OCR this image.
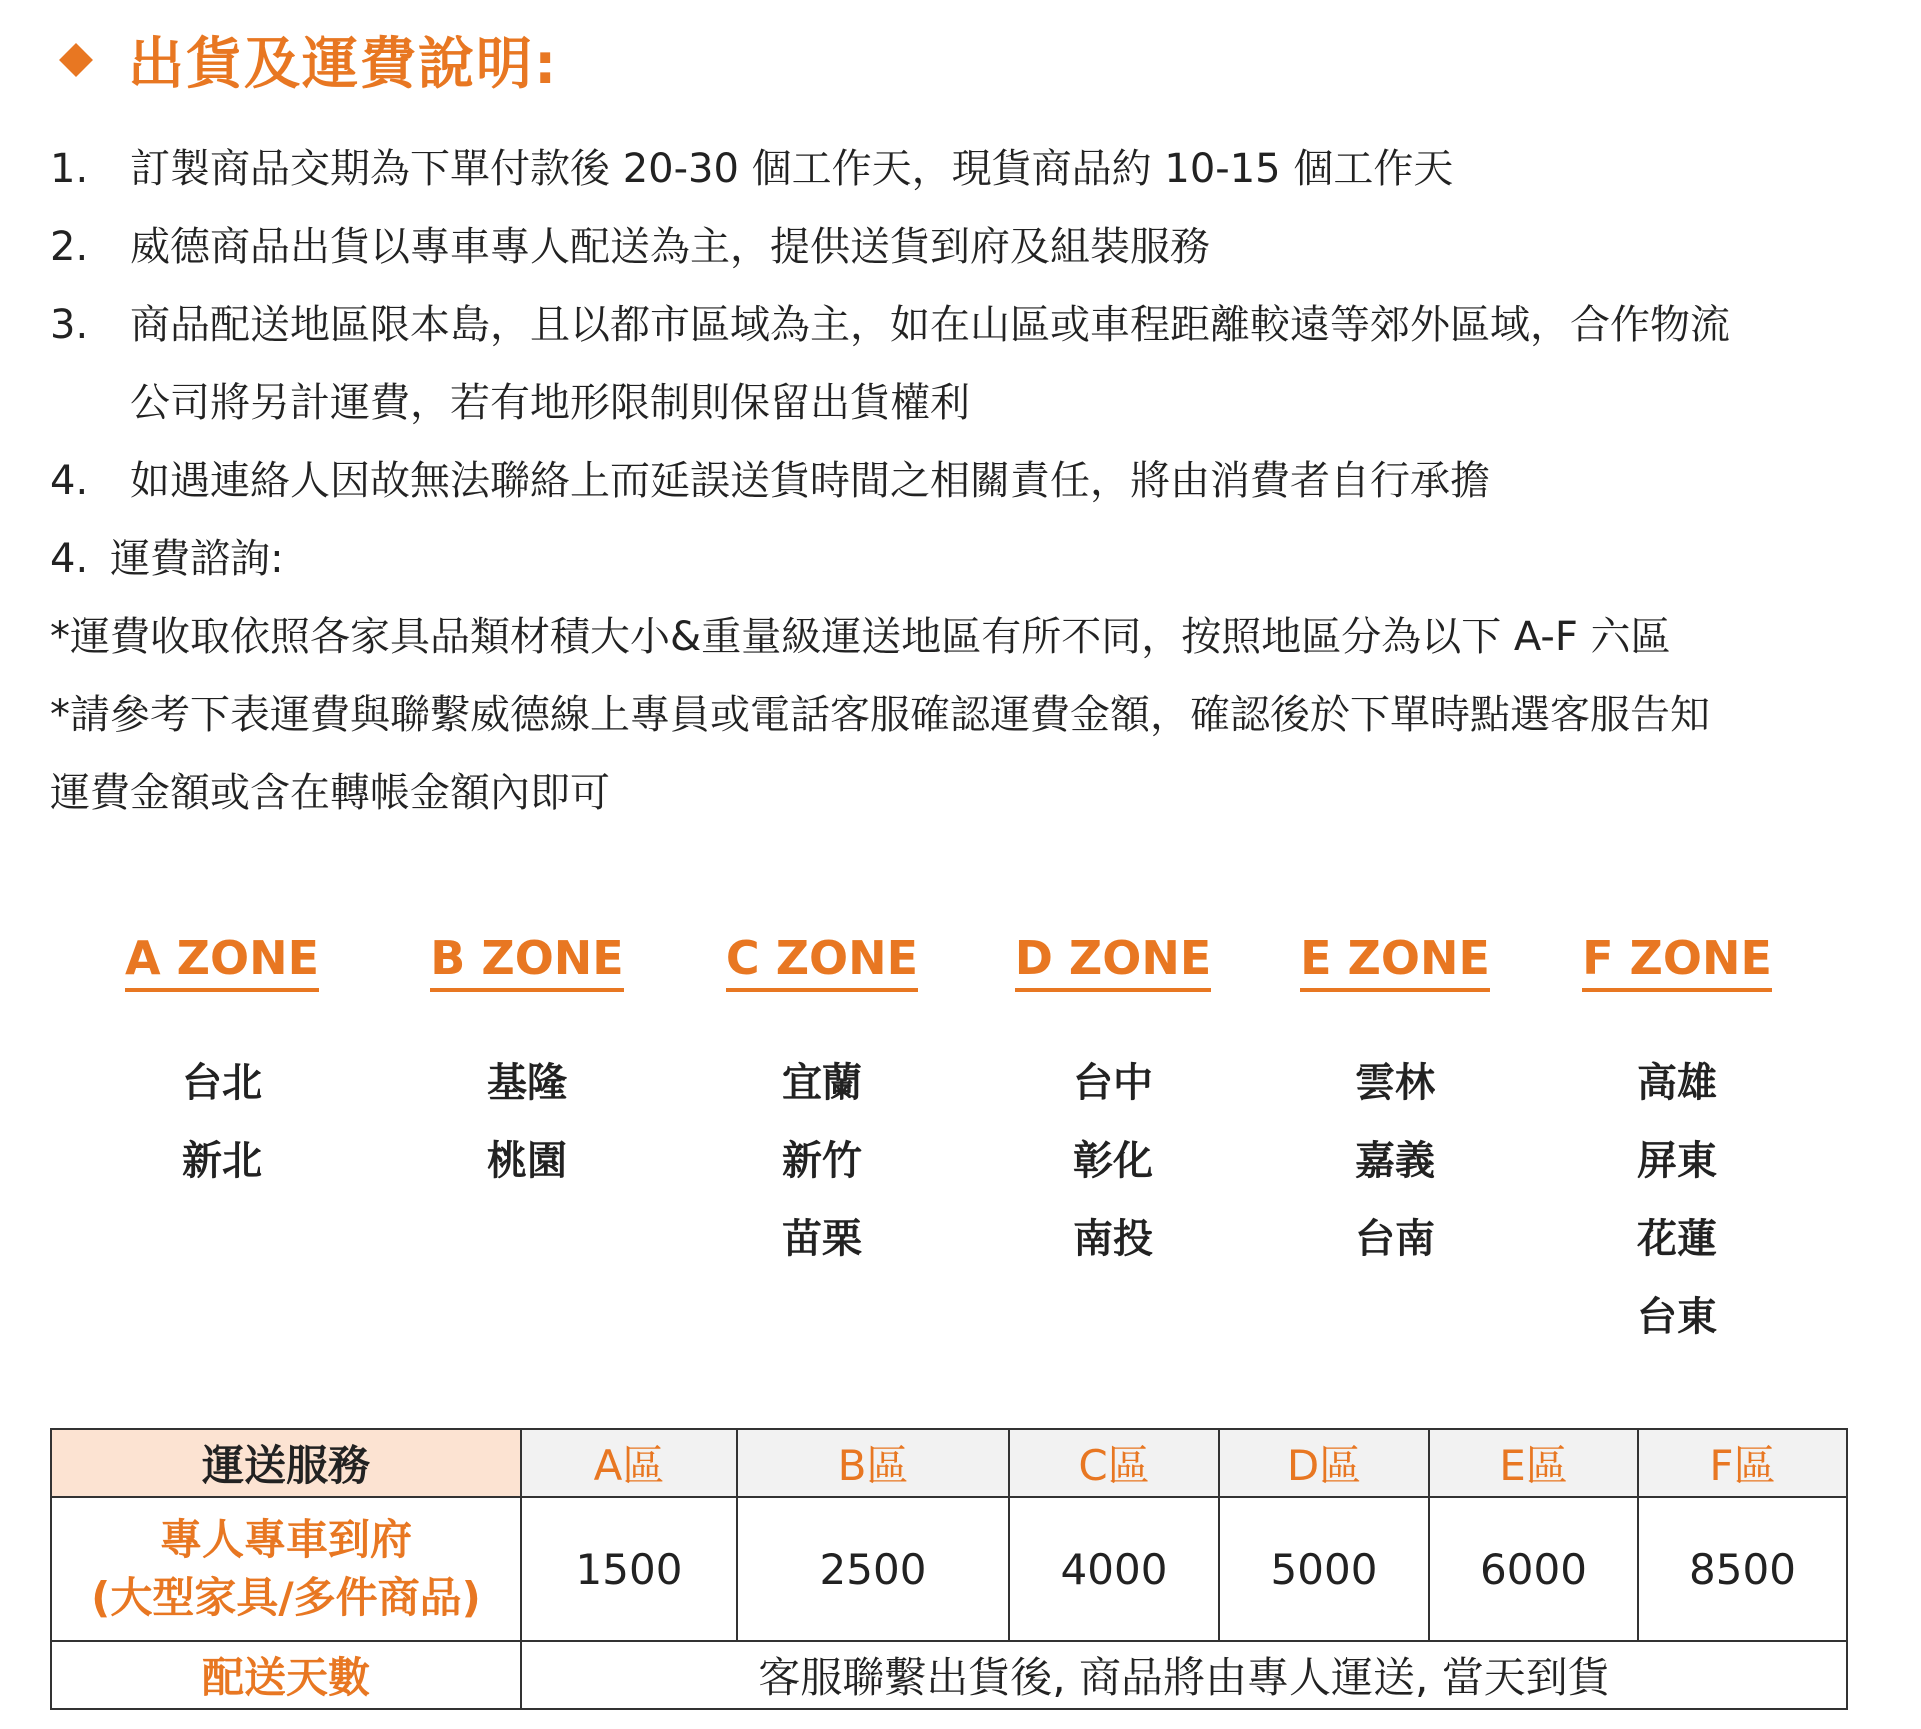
出貨及運費說明:
1.	訂製商品交期為下單付款後 20-30 個工作天，現貨商品約 10-15 個工作天
2.	威德商品出貨以專車專人配送為主，提供送貨到府及組裝服務
3.	商品配送地區限本島，且以都市區域為主，如在山區或車程距離較遠等郊外區域，合作物流
公司將另計運費，若有地形限制則保留出貨權利
4.	如遇連絡人因故無法聯絡上而延誤送貨時間之相關責任，將由消費者自行承擔
4. 運費諮詢:
*運費收取依照各家具品類材積大小&重量級運送地區有所不同，按照地區分為以下 A-F 六區
*請參考下表運費與聯繫威德線上專員或電話客服確認運費金額，確認後於下單時點選客服告知
運費金額或含在轉帳金額內即可
A ZONE
台北
新北
B ZONE
基隆
桃園
C ZONE
宜蘭
新竹
苗栗
D ZONE
台中
彰化
南投
E ZONE
雲林
嘉義
台南
F ZONE
高雄
屏東
花蓮
台東
運送服務	A區	B區	C區	D區	E區	F區

專人專車到府
(大型家具/多件商品)	1500	2500	4000	5000	6000	8500
配送天數	客服聯繫出貨後, 商品將由專人運送, 當天到貨					
